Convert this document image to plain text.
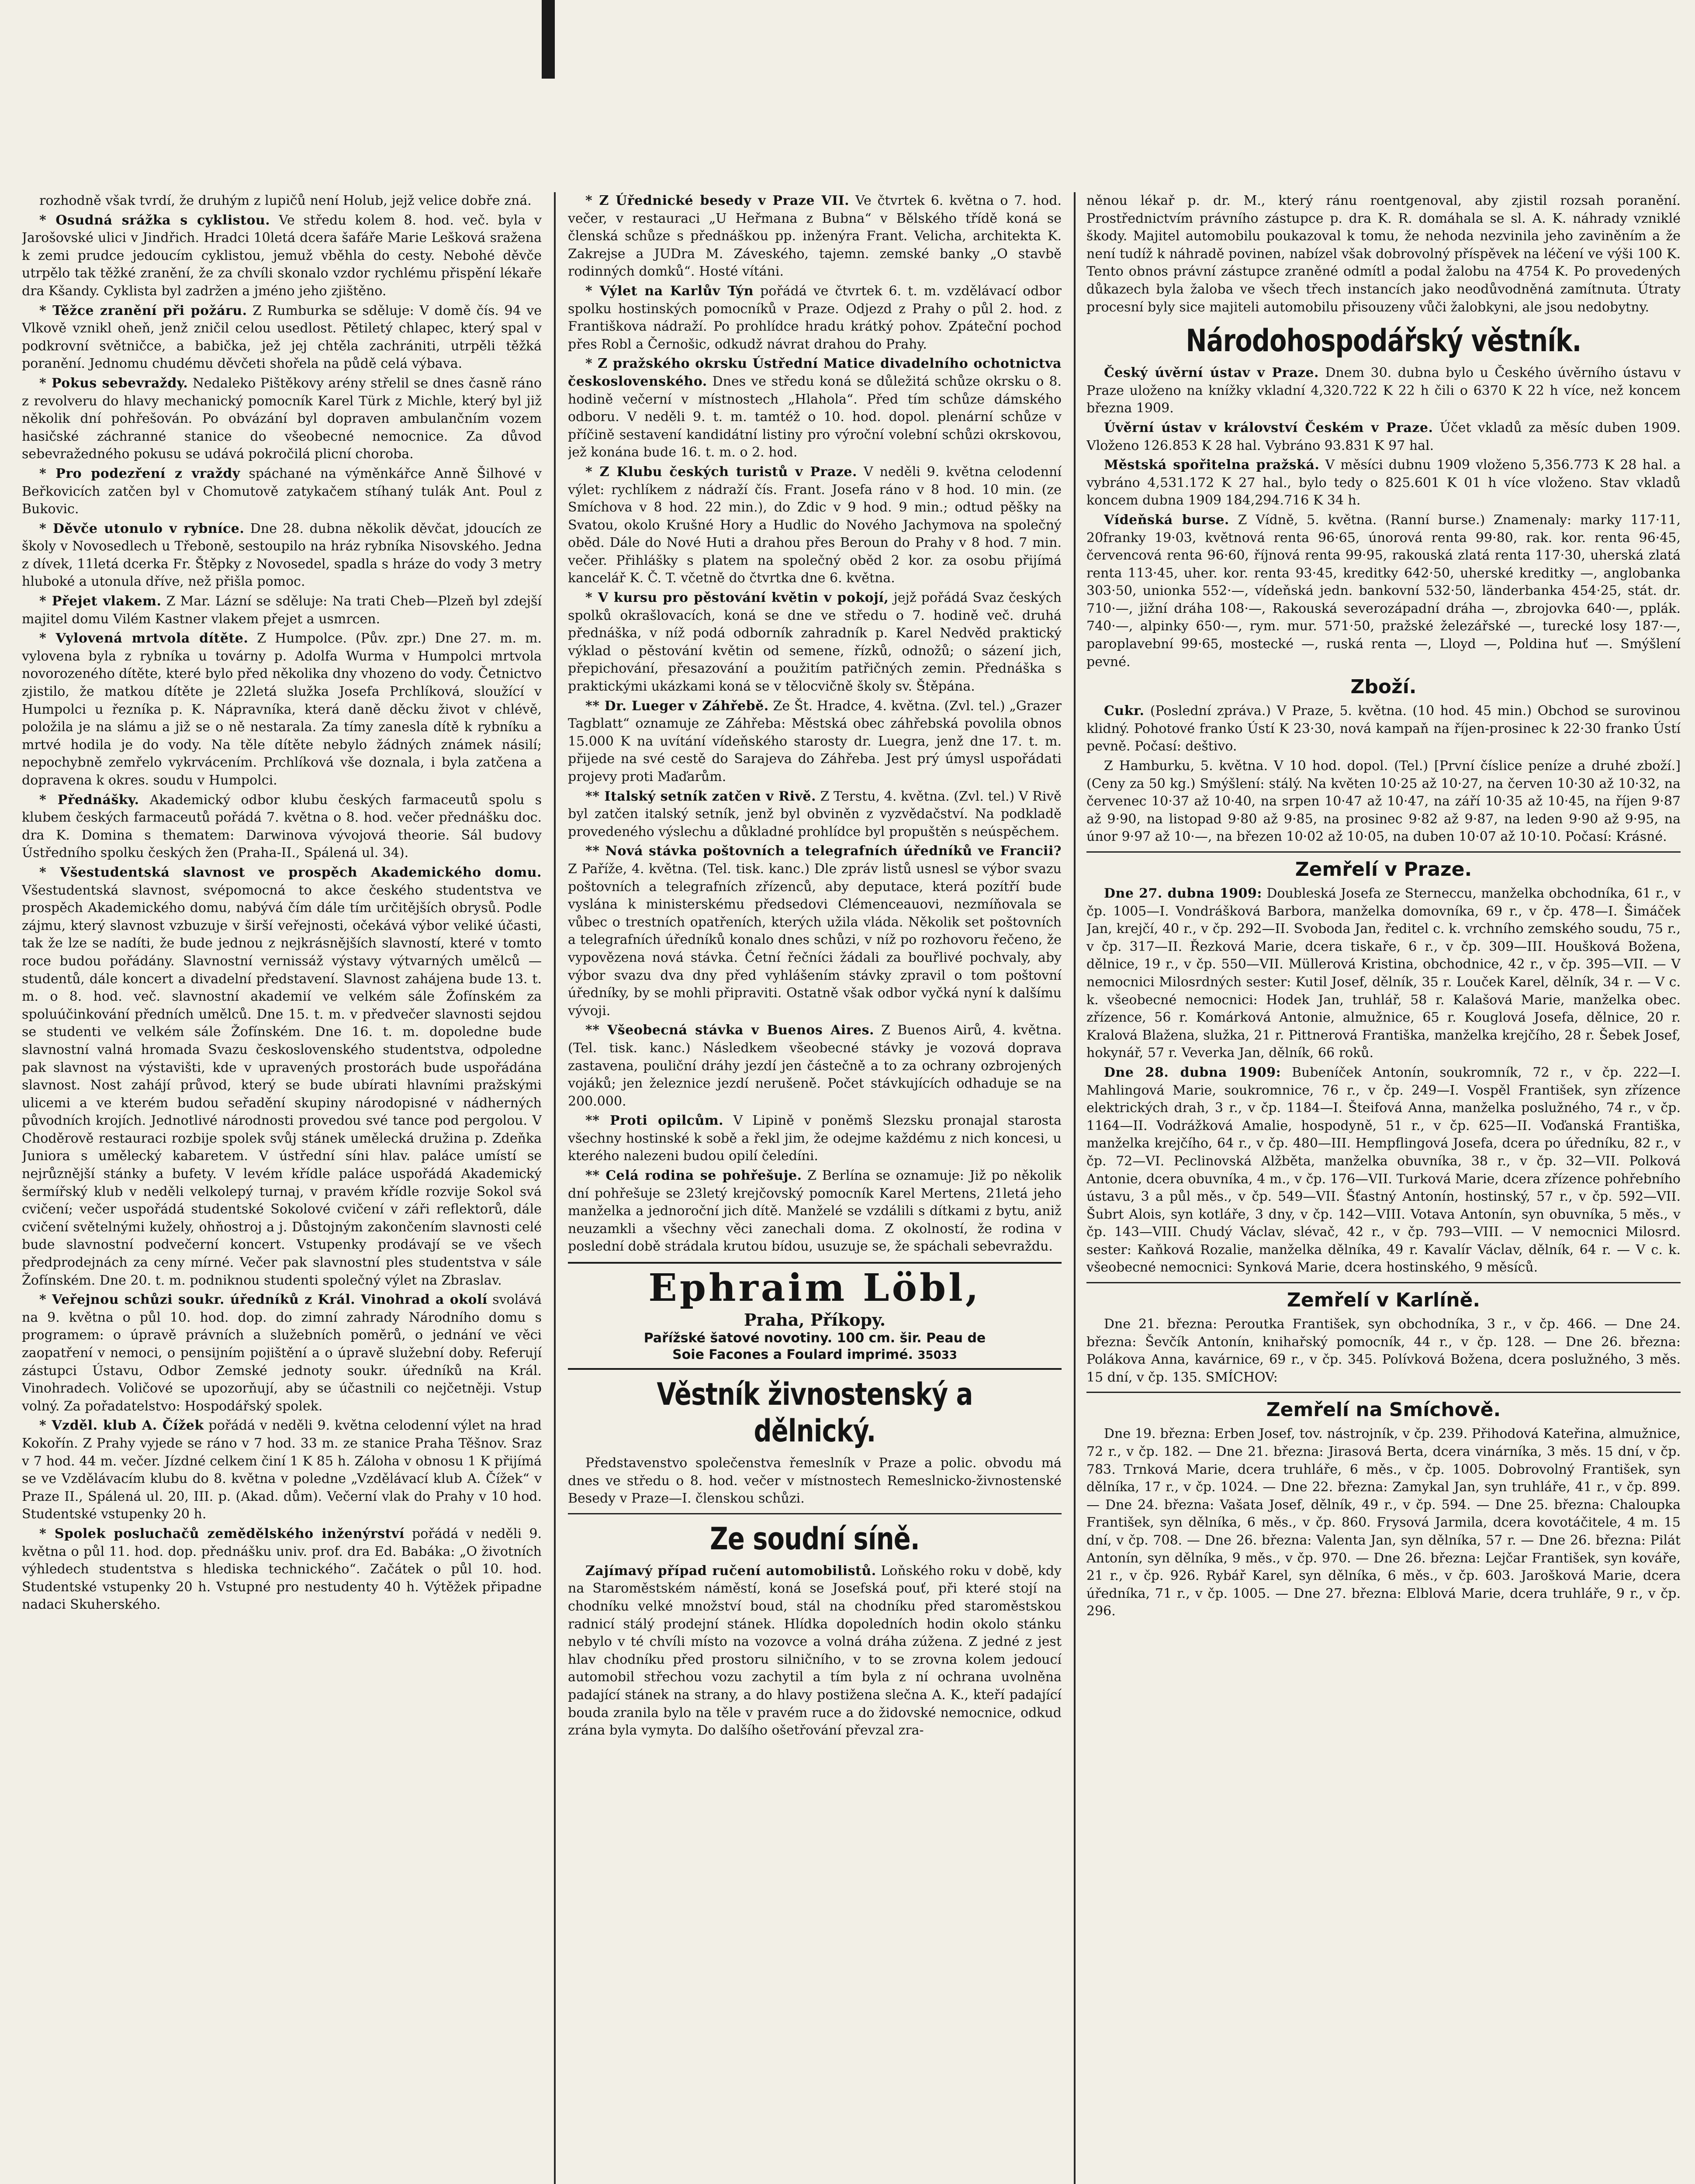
rozhodně však tvrdí, že druhým z lupičů není Holub, jejž velice dobře zná.

* Osudná srážka s cyklistou. Ve středu kolem 8. hod. več. byla v Jarošovské ulici v Jindřich. Hradci 10letá dcera šafáře Marie Lešková sražena k zemi prudce jedoucím cyklistou, jemuž vběhla do cesty. Nebohé děvče utrpělo tak těžké zranění, že za chvíli skonalo vzdor rychlému přispění lékaře dra Kšandy. Cyklista byl zadržen a jméno jeho zjištěno.

* Těžce zranění při požáru. Z Rumburka se sděluje: V domě čís. 94 ve Vlkově vznikl oheň, jenž zničil celou usedlost. Pětiletý chlapec, který spal v podkrovní světničce, a babička, jež jej chtěla zachrániti, utrpěli těžká poranění. Jednomu chudému děvčeti shořela na půdě celá výbava.

* Pokus sebevraždy. Nedaleko Pištěkovy arény střelil se dnes časně ráno z revolveru do hlavy mechanický pomocník Karel Türk z Michle, který byl již několik dní pohřešován. Po obvázání byl dopraven ambulančním vozem hasičské záchranné stanice do všeobecné nemocnice. Za důvod sebevražedného pokusu se udává pokročilá plicní choroba.

* Pro podezření z vraždy spáchané na výměnkářce Anně Šilhové v Beřkovicích zatčen byl v Chomutově zatykačem stíhaný tulák Ant. Poul z Bukovic.

* Děvče utonulo v rybníce. Dne 28. dubna několik děvčat, jdoucích ze školy v Novosedlech u Třeboně, sestoupilo na hráz rybníka Nisovského. Jedna z dívek, 11letá dcerka Fr. Štěpky z Novosedel, spadla s hráze do vody 3 metry hluboké a utonula dříve, než přišla pomoc.

* Přejet vlakem. Z Mar. Lázní se sděluje: Na trati Cheb—Plzeň byl zdejší majitel domu Vilém Kastner vlakem přejet a usmrcen.

* Vylovená mrtvola dítěte. Z Humpolce. (Pův. zpr.) Dne 27. m. m. vylovena byla z rybníka u továrny p. Adolfa Wurma v Humpolci mrtvola novorozeného dítěte, které bylo před několika dny vhozeno do vody. Četnictvo zjistilo, že matkou dítěte je 22letá služka Josefa Prchlíková, sloužící v Humpolci u řezníka p. K. Nápravníka, která daně děcku život v chlévě, položila je na slámu a již se o ně nestarala. Za tímy zanesla dítě k rybníku a mrtvé hodila je do vody. Na těle dítěte nebylo žádných známek násilí; nepochybně zemřelo vykrvácením. Prchlíková vše doznala, i byla zatčena a dopravena k okres. soudu v Humpolci.

* Přednášky. Akademický odbor klubu českých farmaceutů spolu s klubem českých farmaceutů pořádá 7. května o 8. hod. večer přednášku doc. dra K. Domina s thematem: Darwinova vývojová theorie. Sál budovy Ústředního spolku českých žen (Praha-II., Spálená ul. 34).

* Všestudentská slavnost ve prospěch Akademického domu. Všestudentská slavnost, svépomocná to akce českého studentstva ve prospěch Akademického domu, nabývá čím dále tím určitějších obrysů. Podle zájmu, který slavnost vzbuzuje v širší veřejnosti, očekává výbor veliké účasti, tak že lze se nadíti, že bude jednou z nejkrásnějších slavností, které v tomto roce budou pořádány. Slavnostní vernissáž výstavy výtvarných umělců — studentů, dále koncert a divadelní představení. Slavnost zahájena bude 13. t. m. o 8. hod. več. slavnostní akademií ve velkém sále Žofínském za spoluúčinkování předních umělců. Dne 15. t. m. v předvečer slavnosti sejdou se studenti ve velkém sále Žofínském. Dne 16. t. m. dopoledne bude slavnostní valná hromada Svazu československého studentstva, odpoledne pak slavnost na výstavišti, kde v upravených prostorách bude uspořádána slavnost. Nost zahájí průvod, který se bude ubírati hlavními pražskými ulicemi a ve kterém budou seřadění skupiny národopisné v nádherných původních krojích. Jednotlivé národnosti provedou své tance pod pergolou. V Choděrově restauraci rozbije spolek svůj stánek umělecká družina p. Zdeňka Juniora s umělecký kabaretem. V ústřední síni hlav. paláce umístí se nejrůznější stánky a bufety. V levém křídle paláce uspořádá Akademický šermířský klub v neděli velkolepý turnaj, v pravém křídle rozvije Sokol svá cvičení; večer uspořádá studentské Sokolové cvičení v záři reflektorů, dále cvičení světelnými kužely, ohňostroj a j. Důstojným zakončením slavnosti celé bude slavnostní podvečerní koncert. Vstupenky prodávají se ve všech předprodejnách za ceny mírné. Večer pak slavnostní ples studentstva v sále Žofínském. Dne 20. t. m. podniknou studenti společný výlet na Zbraslav.

* Veřejnou schůzi soukr. úředníků z Král. Vinohrad a okolí svolává na 9. května o půl 10. hod. dop. do zimní zahrady Národního domu s programem: o úpravě právních a služebních poměrů, o jednání ve věci zaopatření v nemoci, o pensijním pojištění a o úpravě služební doby. Referují zástupci Ústavu, Odbor Zemské jednoty soukr. úředníků na Král. Vinohradech. Voličové se upozorňují, aby se účastnili co nejčetněji. Vstup volný. Za pořadatelstvo: Hospodářský spolek.

* Vzděl. klub A. Čížek pořádá v neděli 9. května celodenní výlet na hrad Kokořín. Z Prahy vyjede se ráno v 7 hod. 33 m. ze stanice Praha Těšnov. Sraz v 7 hod. 44 m. večer. Jízdné celkem činí 1 K 85 h. Záloha v obnosu 1 K přijímá se ve Vzdělávacím klubu do 8. května v poledne „Vzdělávací klub A. Čížek“ v Praze II., Spálená ul. 20, III. p. (Akad. dům). Večerní vlak do Prahy v 10 hod. Studentské vstupenky 20 h.

* Spolek posluchačů zemědělského inženýrství pořádá v neděli 9. května o půl 11. hod. dop. přednášku univ. prof. dra Ed. Babáka: „O životních výhledech studentstva s hlediska technického“. Začátek o půl 10. hod. Studentské vstupenky 20 h. Vstupné pro nestudenty 40 h. Výtěžek připadne nadaci Skuherského.

* Z Úřednické besedy v Praze VII. Ve čtvrtek 6. května o 7. hod. večer, v restauraci „U Heřmana z Bubna“ v Bělského třídě koná se členská schůze s přednáškou pp. inženýra Frant. Velicha, architekta K. Zakrejse a JUDra M. Záveského, tajemn. zemské banky „O stavbě rodinných domků“. Hosté vítáni.

* Výlet na Karlův Týn pořádá ve čtvrtek 6. t. m. vzdělávací odbor spolku hostinských pomocníků v Praze. Odjezd z Prahy o půl 2. hod. z Františkova nádraží. Po prohlídce hradu krátký pohov. Zpáteční pochod přes Robl a Černošic, odkudž návrat drahou do Prahy.

* Z pražského okrsku Ústřední Matice divadelního ochotnictva československého. Dnes ve středu koná se důležitá schůze okrsku o 8. hodině večerní v místnostech „Hlahola“. Před tím schůze dámského odboru. V neděli 9. t. m. tamtéž o 10. hod. dopol. plenární schůze v příčině sestavení kandidátní listiny pro výroční volební schůzi okrskovou, jež konána bude 16. t. m. o 2. hod.

* Z Klubu českých turistů v Praze. V neděli 9. května celodenní výlet: rychlíkem z nádraží čís. Frant. Josefa ráno v 8 hod. 10 min. (ze Smíchova v 8 hod. 22 min.), do Zdic v 9 hod. 9 min.; odtud pěšky na Svatou, okolo Krušné Hory a Hudlic do Nového Jachymova na společný oběd. Dále do Nové Huti a drahou přes Beroun do Prahy v 8 hod. 7 min. večer. Přihlášky s platem na společný oběd 2 kor. za osobu přijímá kancelář K. Č. T. včetně do čtvrtka dne 6. května.

* V kursu pro pěstování květin v pokojí, jejž pořádá Svaz českých spolků okrašlovacích, koná se dne ve středu o 7. hodině več. druhá přednáška, v níž podá odborník zahradník p. Karel Nedvěd praktický výklad o pěstování květin od semene, řízků, odnožů; o sázení jich, přepichování, přesazování a použitím patřičných zemin. Přednáška s praktickými ukázkami koná se v tělocvičně školy sv. Štěpána.

** Dr. Lueger v Záhřebě. Ze Št. Hradce, 4. května. (Zvl. tel.) „Grazer Tagblatt“ oznamuje ze Záhřeba: Městská obec záhřebská povolila obnos 15.000 K na uvítání vídeňského starosty dr. Luegra, jenž dne 17. t. m. přijede na své cestě do Sarajeva do Záhřeba. Jest prý úmysl uspořádati projevy proti Maďarům.

** Italský setník zatčen v Rivě. Z Terstu, 4. května. (Zvl. tel.) V Rivě byl zatčen italský setník, jenž byl obviněn z vyzvědačství. Na podkladě provedeného výslechu a důkladné prohlídce byl propuštěn s neúspěchem.

** Nová stávka poštovních a telegrafních úředníků ve Francii? Z Paříže, 4. května. (Tel. tisk. kanc.) Dle zpráv listů usnesl se výbor svazu poštovních a telegrafních zřízenců, aby deputace, která pozítří bude vyslána k ministerskému předsedovi Clémenceauovi, nezmíňovala se vůbec o trestních opatřeních, kterých užila vláda. Několik set poštovních a telegrafních úředníků konalo dnes schůzi, v níž po rozhovoru řečeno, že vypovězena nová stávka. Četní řečníci žádali za bouřlivé pochvaly, aby výbor svazu dva dny před vyhlášením stávky zpravil o tom poštovní úředníky, by se mohli připraviti. Ostatně však odbor vyčká nyní k dalšímu vývoji.

** Všeobecná stávka v Buenos Aires. Z Buenos Airů, 4. května. (Tel. tisk. kanc.) Následkem všeobecné stávky je vozová doprava zastavena, pouliční dráhy jezdí jen částečně a to za ochrany ozbrojených vojáků; jen železnice jezdí nerušeně. Počet stávkujících odhaduje se na 200.000.

** Proti opilcům. V Lipině v poněmš Slezsku pronajal starosta všechny hostinské k sobě a řekl jim, že odejme každému z nich koncesi, u kterého nalezeni budou opilí čeledíni.

** Celá rodina se pohřešuje. Z Berlína se oznamuje: Již po několik dní pohřešuje se 23letý krejčovský pomocník Karel Mertens, 21letá jeho manželka a jednoroční jich dítě. Manželé se vzdálili s dítkami z bytu, aniž neuzamkli a všechny věci zanechali doma. Z okolností, že rodina v poslední době strádala krutou bídou, usuzuje se, že spáchali sebevraždu.

Ephraim Löbl,
Praha, Příkopy.
Pařížské šatové novotiny. 100 cm. šir. Peau de
Soie Facones a Foulard imprimé. 35033
Věstník živnostenský a dělnický.

Představenstvo společenstva řemeslník v Praze a polic. obvodu má dnes ve středu o 8. hod. večer v místnostech Remeslnicko-živnostenské Besedy v Praze—I. členskou schůzi.

Ze soudní síně.

Zajímavý případ ručení automobilistů. Loňského roku v době, kdy na Staroměstském náměstí, koná se Josefská pouť, při které stojí na chodníku velké množství boud, stál na chodníku před staroměstskou radnicí stálý prodejní stánek. Hlídka dopoledních hodin okolo stánku nebylo v té chvíli místo na vozovce a volná dráha zúžena. Z jedné z jest hlav chodníku před prostoru silničního, v to se zrovna kolem jedoucí automobil střechou vozu zachytil a tím byla z ní ochrana uvolněna padající stánek na strany, a do hlavy postižena slečna A. K., kteří padající bouda zranila bylo na těle v pravém ruce a do židovské nemocnice, odkud zrána byla vymyta. Do dalšího ošetřování převzal zra-

něnou lékař p. dr. M., který ránu roentgenoval, aby zjistil rozsah poranění. Prostřednictvím právního zástupce p. dra K. R. domáhala se sl. A. K. náhrady vzniklé škody. Majitel automobilu poukazoval k tomu, že nehoda nezvinila jeho zaviněním a že není tudíž k náhradě povinen, nabízel však dobrovolný příspěvek na léčení ve výši 100 K. Tento obnos právní zástupce zraněné odmítl a podal žalobu na 4754 K. Po provedených důkazech byla žaloba ve všech třech instancích jako neodůvodněná zamítnuta. Útraty procesní byly sice majiteli automobilu přisouzeny vůči žalobkyni, ale jsou nedobytny.

Národohospodářský věstník.

Český úvěrní ústav v Praze. Dnem 30. dubna bylo u Českého úvěrního ústavu v Praze uloženo na knížky vkladní 4,320.722 K 22 h čili o 6370 K 22 h více, než koncem března 1909.

Úvěrní ústav v království Českém v Praze. Účet vkladů za měsíc duben 1909. Vloženo 126.853 K 28 hal. Vybráno 93.831 K 97 hal.

Městská spořitelna pražská. V měsíci dubnu 1909 vloženo 5,356.773 K 28 hal. a vybráno 4,531.172 K 27 hal., bylo tedy o 825.601 K 01 h více vloženo. Stav vkladů koncem dubna 1909 184,294.716 K 34 h.

Vídeňská burse. Z Vídně, 5. května. (Ranní burse.) Znamenaly: marky 117·11, 20franky 19·03, květnová renta 96·65, únorová renta 99·80, rak. kor. renta 96·45, červencová renta 96·60, říjnová renta 99·95, rakouská zlatá renta 117·30, uherská zlatá renta 113·45, uher. kor. renta 93·45, kreditky 642·50, uherské kreditky —, anglobanka 303·50, unionka 552·—, vídeňská jedn. bankovní 532·50, länderbanka 454·25, stát. dr. 710·—, jižní dráha 108·—, Rakouská severozápadní dráha —, zbrojovka 640·—, pplák. 740·—, alpinky 650·—, rym. mur. 571·50, pražské železářské —, turecké losy 187·—, paroplavební 99·65, mostecké —, ruská renta —, Lloyd —, Poldina huť —. Smýšlení pevné.

Zboží.

Cukr. (Poslední zpráva.) V Praze, 5. května. (10 hod. 45 min.) Obchod se surovinou klidný. Pohotové franko Ústí K 23·30, nová kampaň na říjen-prosinec k 22·30 franko Ústí pevně. Počasí: deštivo.

Z Hamburku, 5. května. V 10 hod. dopol. (Tel.) [První číslice peníze a druhé zboží.] (Ceny za 50 kg.) Smýšlení: stálý. Na květen 10·25 až 10·27, na červen 10·30 až 10·32, na červenec 10·37 až 10·40, na srpen 10·47 až 10·47, na září 10·35 až 10·45, na říjen 9·87 až 9·90, na listopad 9·80 až 9·85, na prosinec 9·82 až 9·87, na leden 9·90 až 9·95, na únor 9·97 až 10·—, na březen 10·02 až 10·05, na duben 10·07 až 10·10. Počasí: Krásné.

Zemřelí v Praze.

Dne 27. dubna 1909: Doubleská Josefa ze Sterneccu, manželka obchodníka, 61 r., v čp. 1005—I. Vondrášková Barbora, manželka domovníka, 69 r., v čp. 478—I. Šimáček Jan, krejčí, 40 r., v čp. 292—II. Svoboda Jan, ředitel c. k. vrchního zemského soudu, 75 r., v čp. 317—II. Řezková Marie, dcera tiskaře, 6 r., v čp. 309—III. Houšková Božena, dělnice, 19 r., v čp. 550—VII. Müllerová Kristina, obchodnice, 42 r., v čp. 395—VII. — V nemocnici Milosrdných sester: Kutil Josef, dělník, 35 r. Louček Karel, dělník, 34 r. — V c. k. všeobecné nemocnici: Hodek Jan, truhlář, 58 r. Kalašová Marie, manželka obec. zřízence, 56 r. Komárková Antonie, almužnice, 65 r. Kouglová Josefa, dělnice, 20 r. Kralová Blažena, služka, 21 r. Pittnerová Františka, manželka krejčího, 28 r. Šebek Josef, hokynář, 57 r. Veverka Jan, dělník, 66 roků.

Dne 28. dubna 1909: Bubeníček Antonín, soukromník, 72 r., v čp. 222—I. Mahlingová Marie, soukromnice, 76 r., v čp. 249—I. Vospěl František, syn zřízence elektrických drah, 3 r., v čp. 1184—I. Šteifová Anna, manželka poslužného, 74 r., v čp. 1164—II. Vodrážková Amalie, hospodyně, 51 r., v čp. 625—II. Voďanská Františka, manželka krejčího, 64 r., v čp. 480—III. Hempflingová Josefa, dcera po úředníku, 82 r., v čp. 72—VI. Peclinovská Alžběta, manželka obuvníka, 38 r., v čp. 32—VII. Polková Antonie, dcera obuvníka, 4 m., v čp. 176—VII. Turková Marie, dcera zřízence pohřebního ústavu, 3 a půl měs., v čp. 549—VII. Šťastný Antonín, hostinský, 57 r., v čp. 592—VII. Šubrt Alois, syn kotláře, 3 dny, v čp. 142—VIII. Votava Antonín, syn obuvníka, 5 měs., v čp. 143—VIII. Chudý Václav, slévač, 42 r., v čp. 793—VIII. — V nemocnici Milosrd. sester: Kaňková Rozalie, manželka dělníka, 49 r. Kavalír Václav, dělník, 64 r. — V c. k. všeobecné nemocnici: Synková Marie, dcera hostinského, 9 měsíců.

Zemřelí v Karlíně.

Dne 21. března: Peroutka František, syn obchodníka, 3 r., v čp. 466. — Dne 24. března: Ševčík Antonín, knihařský pomocník, 44 r., v čp. 128. — Dne 26. března: Polákova Anna, kavárnice, 69 r., v čp. 345. Polívková Božena, dcera poslužného, 3 měs. 15 dní, v čp. 135. SMÍCHOV:

Zemřelí na Smíchově.

Dne 19. března: Erben Josef, tov. nástrojník, v čp. 239. Přihodová Kateřina, almužnice, 72 r., v čp. 182. — Dne 21. března: Jirasová Berta, dcera vinárníka, 3 měs. 15 dní, v čp. 783. Trnková Marie, dcera truhláře, 6 měs., v čp. 1005. Dobrovolný František, syn dělníka, 17 r., v čp. 1024. — Dne 22. března: Zamykal Jan, syn truhláře, 41 r., v čp. 899. — Dne 24. března: Vašata Josef, dělník, 49 r., v čp. 594. — Dne 25. března: Chaloupka František, syn dělníka, 6 měs., v čp. 860. Frysová Jarmila, dcera kovotáčitele, 4 m. 15 dní, v čp. 708. — Dne 26. března: Valenta Jan, syn dělníka, 57 r. — Dne 26. března: Pilát Antonín, syn dělníka, 9 měs., v čp. 970. — Dne 26. března: Lejčar František, syn kováře, 21 r., v čp. 926. Rybář Karel, syn dělníka, 6 měs., v čp. 603. Jarošková Marie, dcera úředníka, 71 r., v čp. 1005. — Dne 27. března: Elblová Marie, dcera truhláře, 9 r., v čp. 296.
